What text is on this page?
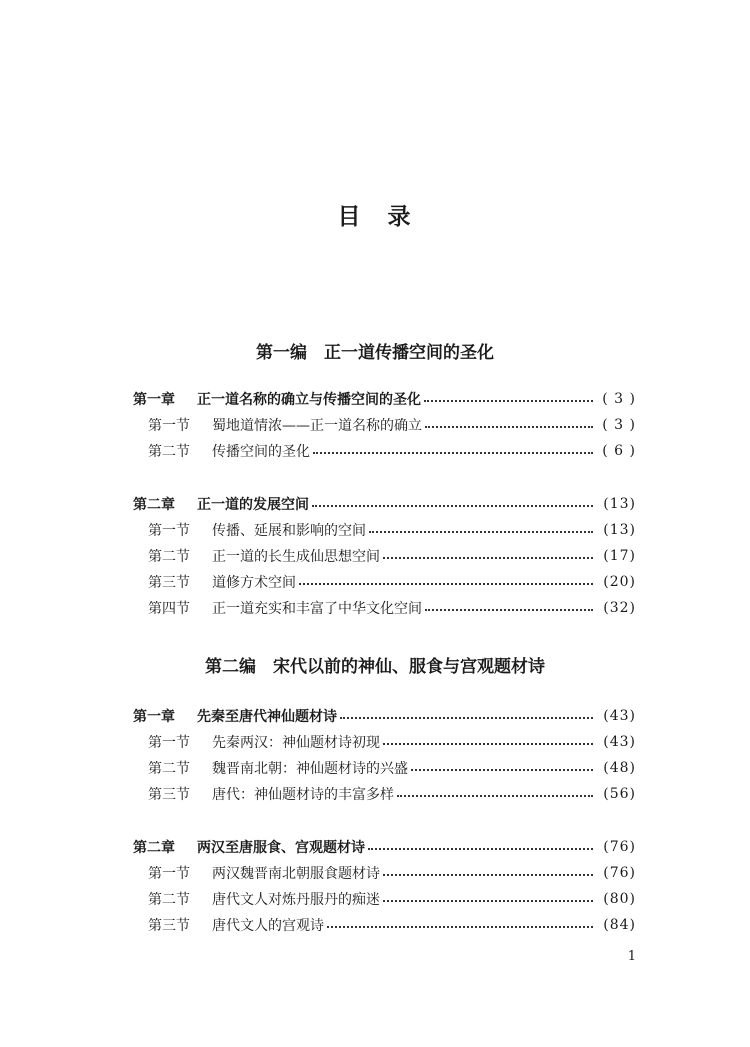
目　录
第一编　正一道传播空间的圣化
第一章	正一道名称的确立与传播空间的圣化	( 3 )
第一节	蜀地道情浓——正一道名称的确立	( 3 )
第二节	传播空间的圣化	( 6 )
第二章	正一道的发展空间	(13)
第一节	传播、延展和影响的空间	(13)
第二节	正一道的长生成仙思想空间	(17)
第三节	道修方术空间	(20)
第四节	正一道充实和丰富了中华文化空间	(32)
第二编　宋代以前的神仙、服食与宫观题材诗
第一章	先秦至唐代神仙题材诗	(43)
第一节	先秦两汉：神仙题材诗初现	(43)
第二节	魏晋南北朝：神仙题材诗的兴盛	(48)
第三节	唐代：神仙题材诗的丰富多样	(56)
第二章	两汉至唐服食、宫观题材诗	(76)
第一节	两汉魏晋南北朝服食题材诗	(76)
第二节	唐代文人对炼丹服丹的痴迷	(80)
第三节	唐代文人的宫观诗	(84)
1
